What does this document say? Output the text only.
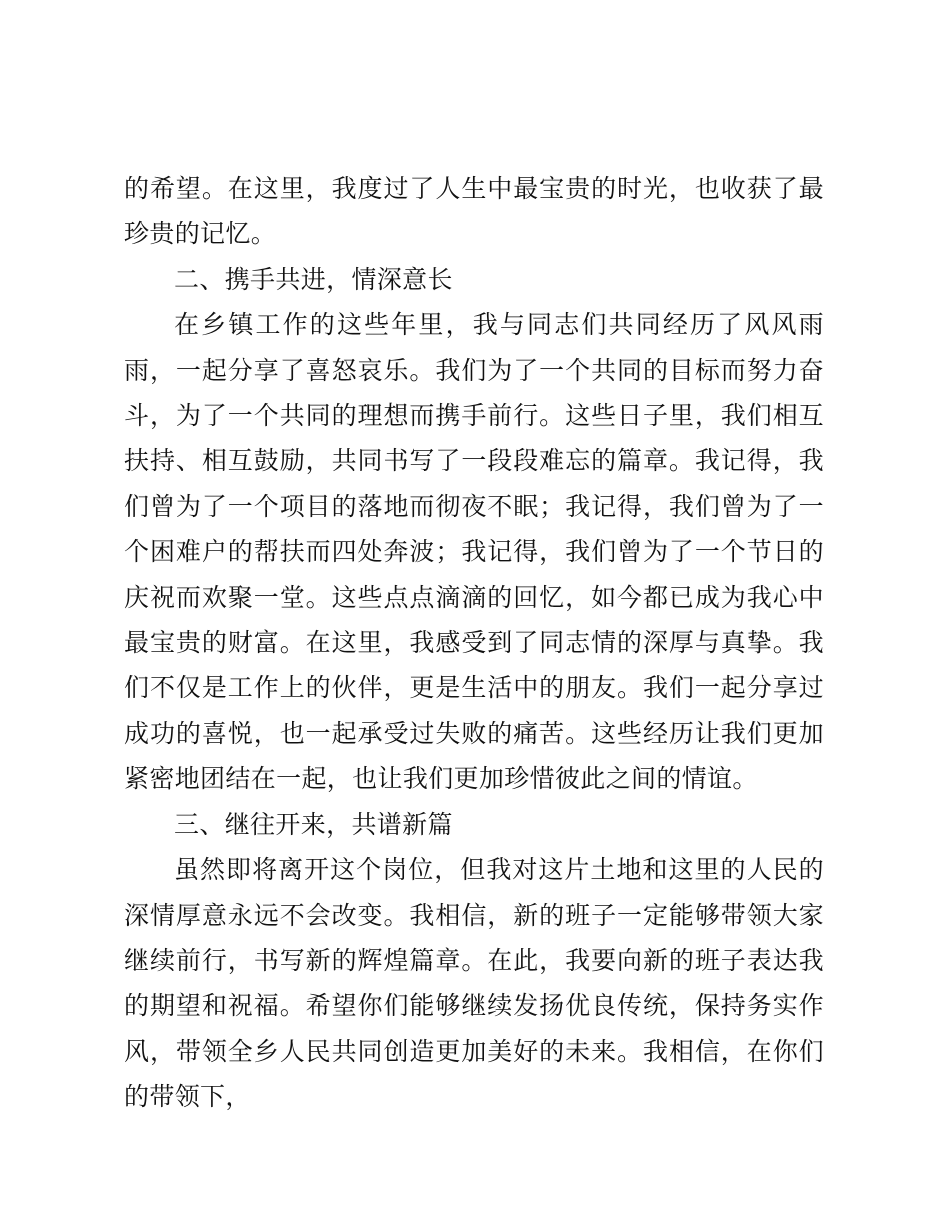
的希望。在这里，我度过了人生中最宝贵的时光，也收获了最珍贵的记忆。

二、携手共进，情深意长

在乡镇工作的这些年里，我与同志们共同经历了风风雨雨，一起分享了喜怒哀乐。我们为了一个共同的目标而努力奋斗，为了一个共同的理想而携手前行。这些日子里，我们相互扶持、相互鼓励，共同书写了一段段难忘的篇章。我记得，我们曾为了一个项目的落地而彻夜不眠；我记得，我们曾为了一个困难户的帮扶而四处奔波；我记得，我们曾为了一个节日的庆祝而欢聚一堂。这些点点滴滴的回忆，如今都已成为我心中最宝贵的财富。在这里，我感受到了同志情的深厚与真挚。我们不仅是工作上的伙伴，更是生活中的朋友。我们一起分享过成功的喜悦，也一起承受过失败的痛苦。这些经历让我们更加紧密地团结在一起，也让我们更加珍惜彼此之间的情谊。

三、继往开来，共谱新篇

虽然即将离开这个岗位，但我对这片土地和这里的人民的深情厚意永远不会改变。我相信，新的班子一定能够带领大家继续前行，书写新的辉煌篇章。在此，我要向新的班子表达我的期望和祝福。希望你们能够继续发扬优良传统，保持务实作风，带领全乡人民共同创造更加美好的未来。我相信，在你们的带领下，
